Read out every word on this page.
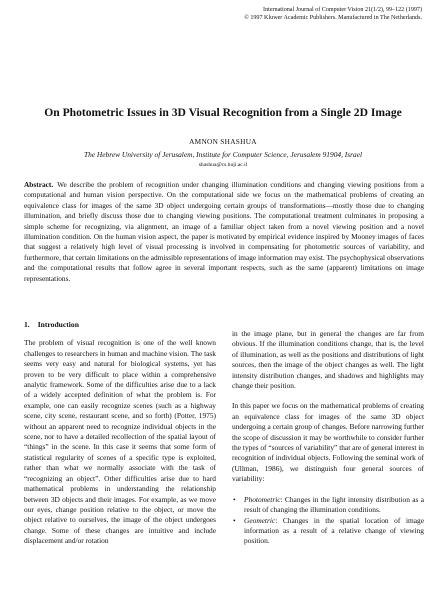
International Journal of Computer Vision 21(1/2), 99–122 (1997)
© 1997 Kluwer Academic Publishers. Manufactured in The Netherlands.
On Photometric Issues in 3D Visual Recognition from a Single 2D Image
AMNON SHASHUA
The Hebrew University of Jerusalem, Institute for Computer Science, Jerusalem 91904, Israel
shashua@cs.huji.ac.il
Abstract. We describe the problem of recognition under changing illumination conditions and changing viewing positions from a computational and human vision perspective. On the computational side we focus on the mathematical problems of creating an equivalence class for images of the same 3D object undergoing certain groups of transformations—mostly those due to changing illumination, and briefly discuss those due to changing viewing positions. The computational treatment culminates in proposing a simple scheme for recognizing, via alignment, an image of a familiar object taken from a novel viewing position and a novel illumination condition. On the human vision aspect, the paper is motivated by empirical evidence inspired by Mooney images of faces that suggest a relatively high level of visual processing is involved in compensating for photometric sources of variability, and furthermore, that certain limitations on the admissible representations of image information may exist. The psychophysical observations and the computational results that follow agree in several important respects, such as the same (apparent) limitations on image representations.
1. Introduction

The problem of visual recognition is one of the well known challenges to researchers in human and machine vision. The task seems very easy and natural for biological systems, yet has proven to be very difficult to place within a comprehensive analytic framework. Some of the difficulties arise due to a lack of a widely accepted definition of what the problem is. For example, one can easily recognize scenes (such as a highway scene, city scene, restaurant scene, and so forth) (Potter, 1975) without an apparent need to recognize individual objects in the scene, nor to have a detailed recollection of the spatial layout of “things” in the scene. In this case it seems that some form of statistical regularity of scenes of a specific type is exploited, rather than what we normally associate with the task of “recognizing an object”. Other difficulties arise due to hard mathematical problems in understanding the relationship between 3D objects and their images. For example, as we move our eyes, change position relative to the object, or move the object relative to ourselves, the image of the object undergoes change. Some of these changes are intuitive and include displacement and/or rotation

in the image plane, but in general the changes are far from obvious. If the illumination conditions change, that is, the level of illumination, as well as the positions and distributions of light sources, then the image of the object changes as well. The light intensity distribution changes, and shadows and highlights may change their position.

In this paper we focus on the mathematical problems of creating an equivalence class for images of the same 3D object undergoing a certain group of changes. Before narrowing further the scope of discussion it may be worthwhile to consider further the types of “sources of variability” that are of general interest in recognition of individual objects. Following the seminal work of (Ullman, 1986), we distinguish four general sources of variability:

• Photometric: Changes in the light intensity distribution as a result of changing the illumination conditions.
• Geometric: Changes in the spatial location of image information as a result of a relative change of viewing position.
